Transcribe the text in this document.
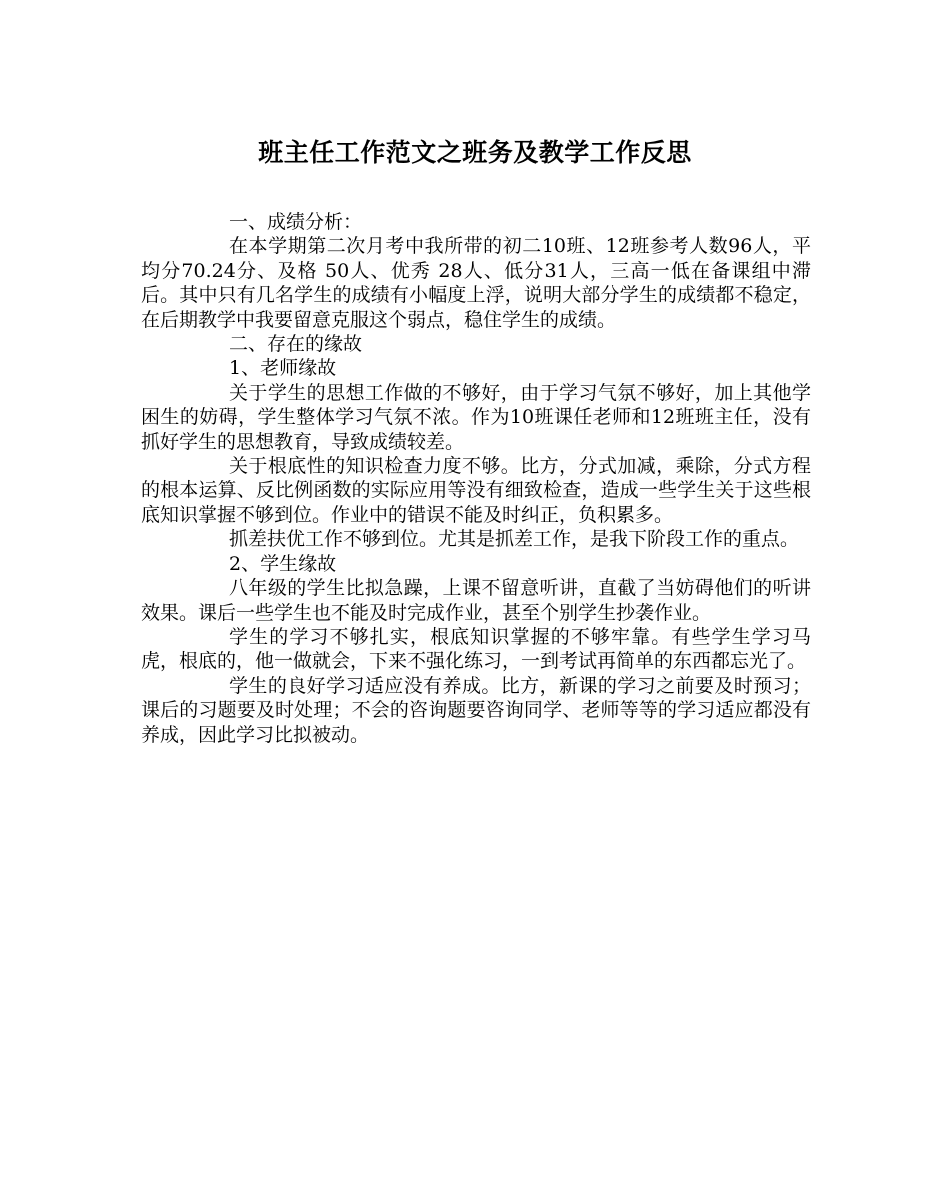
班主任工作范文之班务及教学工作反思

一、成绩分析：

在本学期第二次月考中我所带的初二10班、12班参考人数96人，平均分70.24分、及格 50人、优秀 28人、低分31人，三高一低在备课组中滞后。其中只有几名学生的成绩有小幅度上浮，说明大部分学生的成绩都不稳定，在后期教学中我要留意克服这个弱点，稳住学生的成绩。

二、存在的缘故

1、老师缘故

关于学生的思想工作做的不够好，由于学习气氛不够好，加上其他学困生的妨碍，学生整体学习气氛不浓。作为10班课任老师和12班班主任，没有抓好学生的思想教育，导致成绩较差。

关于根底性的知识检查力度不够。比方，分式加减，乘除，分式方程的根本运算、反比例函数的实际应用等没有细致检查，造成一些学生关于这些根底知识掌握不够到位。作业中的错误不能及时纠正，负积累多。

抓差扶优工作不够到位。尤其是抓差工作，是我下阶段工作的重点。

2、学生缘故

八年级的学生比拟急躁，上课不留意听讲，直截了当妨碍他们的听讲效果。课后一些学生也不能及时完成作业，甚至个别学生抄袭作业。

学生的学习不够扎实，根底知识掌握的不够牢靠。有些学生学习马虎，根底的，他一做就会，下来不强化练习，一到考试再简单的东西都忘光了。

学生的良好学习适应没有养成。比方，新课的学习之前要及时预习；课后的习题要及时处理；不会的咨询题要咨询同学、老师等等的学习适应都没有养成，因此学习比拟被动。
